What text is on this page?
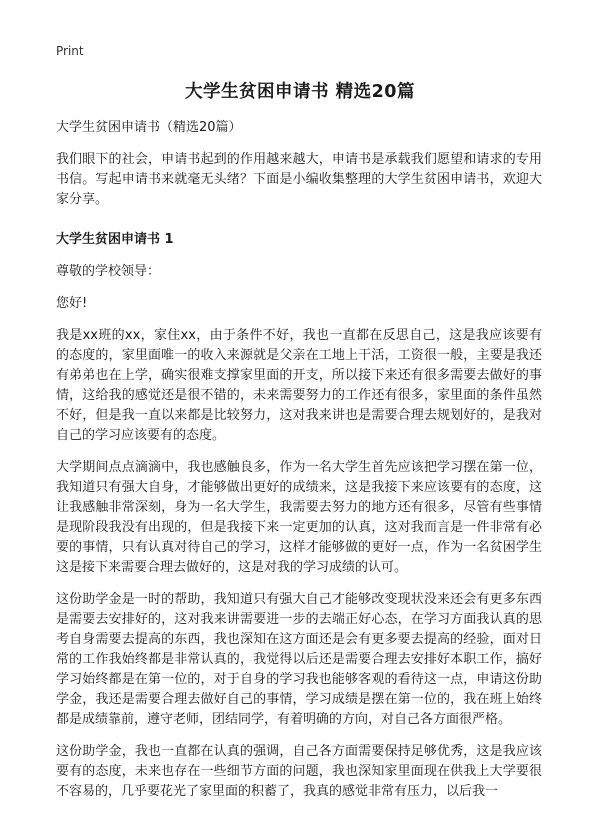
Print
大学生贫困申请书 精选20篇
大学生贫困申请书（精选20篇）

我们眼下的社会，申请书起到的作用越来越大，申请书是承载我们愿望和请求的专用书信。写起申请书来就毫无头绪？下面是小编收集整理的大学生贫困申请书，欢迎大家分享。

大学生贫困申请书 1

尊敬的学校领导：

您好!

我是xx班的xx，家住xx，由于条件不好，我也一直都在反思自己，这是我应该要有的态度的，家里面唯一的收入来源就是父亲在工地上干活，工资很一般，主要是我还有弟弟也在上学，确实很难支撑家里面的开支，所以接下来还有很多需要去做好的事情，这给我的感觉还是很不错的，未来需要努力的工作还有很多，家里面的条件虽然不好，但是我一直以来都是比较努力，这对我来讲也是需要合理去规划好的，是我对自己的学习应该要有的态度。

大学期间点点滴滴中，我也感触良多，作为一名大学生首先应该把学习摆在第一位，我知道只有强大自身，才能够做出更好的成绩来，这是我接下来应该要有的态度，这让我感触非常深刻，身为一名大学生，我需要去努力的地方还有很多，尽管有些事情是现阶段我没有出现的，但是我接下来一定更加的认真，这对我而言是一件非常有必要的事情，只有认真对待自己的学习，这样才能够做的更好一点，作为一名贫困学生这是接下来需要合理去做好的，这是对我的学习成绩的认可。

这份助学金是一时的帮助，我知道只有强大自己才能够改变现状没来还会有更多东西是需要去安排好的，这对我来讲需要进一步的去端正好心态，在学习方面我认真的思考自身需要去提高的东西，我也深知在这方面还是会有更多要去提高的经验，面对日常的工作我始终都是非常认真的，我觉得以后还是需要合理去安排好本职工作，搞好学习始终都是在第一位的，对于自身的学习我也能够客观的看待这一点，申请这份助学金，我还是需要合理去做好自己的事情，学习成绩是摆在第一位的，我在班上始终都是成绩靠前，遵守老师，团结同学，有着明确的方向，对自己各方面很严格。

这份助学金，我也一直都在认真的强调，自己各方面需要保持足够优秀，这是我应该要有的态度，未来也存在一些细节方面的问题，我也深知家里面现在供我上大学要很不容易的，几乎要花光了家里面的积蓄了，我真的感觉非常有压力，以后我一
